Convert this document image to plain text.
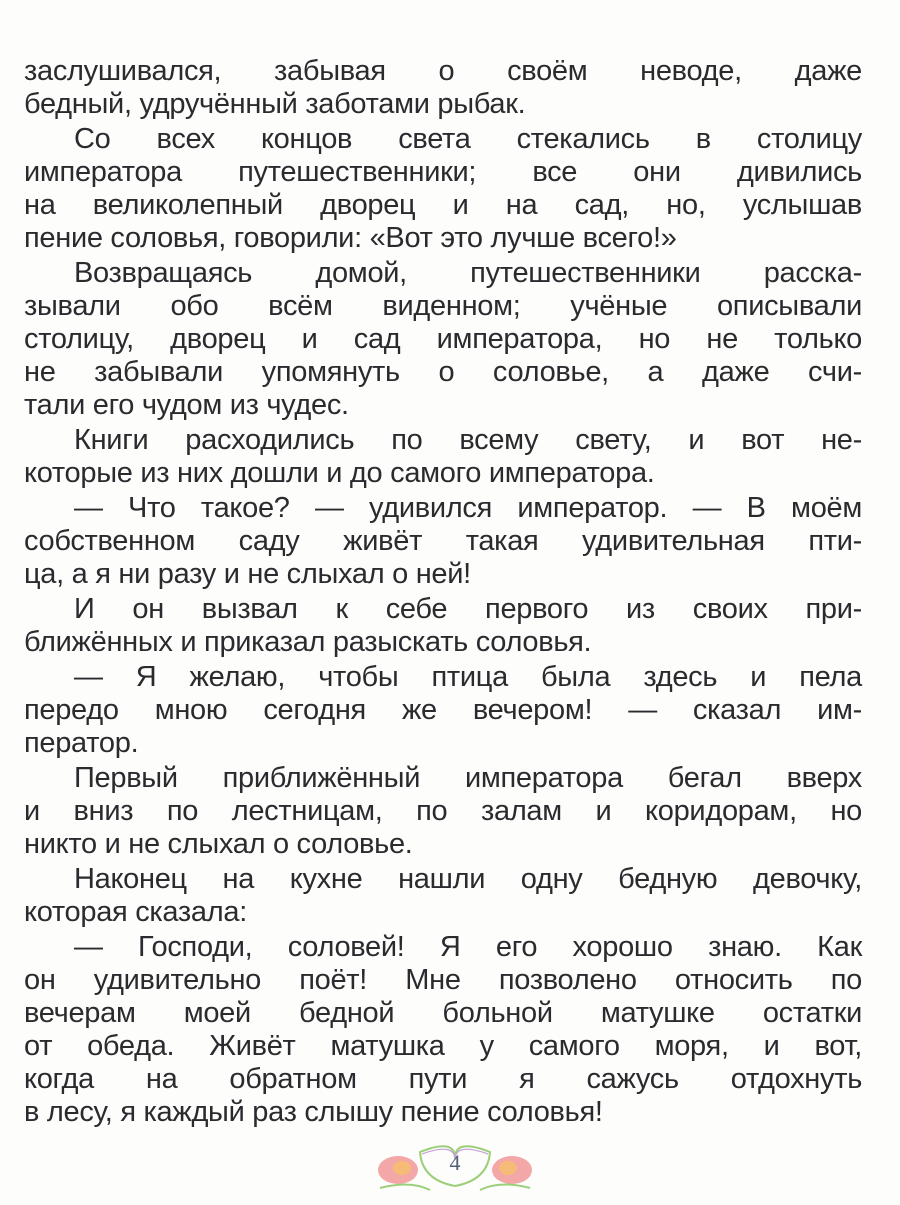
заслушивался, забывая о своём неводе, даже
бедный, удручённый заботами рыбак.
Со всех концов света стекались в столицу
императора путешественники; все они дивились
на великолепный дворец и на сад, но, услышав
пение соловья, говорили: «Вот это лучше всего!»
Возвращаясь домой, путешественники расска-
зывали обо всём виденном; учёные описывали
столицу, дворец и сад императора, но не только
не забывали упомянуть о соловье, а даже счи-
тали его чудом из чудес.
Книги расходились по всему свету, и вот не-
которые из них дошли и до самого императора.
— Что такое? — удивился император. — В моём
собственном саду живёт такая удивительная пти-
ца, а я ни разу и не слыхал о ней!
И он вызвал к себе первого из своих при-
ближённых и приказал разыскать соловья.
— Я желаю, чтобы птица была здесь и пела
передо мною сегодня же вечером! — сказал им-
ператор.
Первый приближённый императора бегал вверх
и вниз по лестницам, по залам и коридорам, но
никто и не слыхал о соловье.
Наконец на кухне нашли одну бедную девочку,
которая сказала:
— Господи, соловей! Я его хорошо знаю. Как
он удивительно поёт! Мне позволено относить по
вечерам моей бедной больной матушке остатки
от обеда. Живёт матушка у самого моря, и вот,
когда на обратном пути я сажусь отдохнуть
в лесу, я каждый раз слышу пение соловья!
4
